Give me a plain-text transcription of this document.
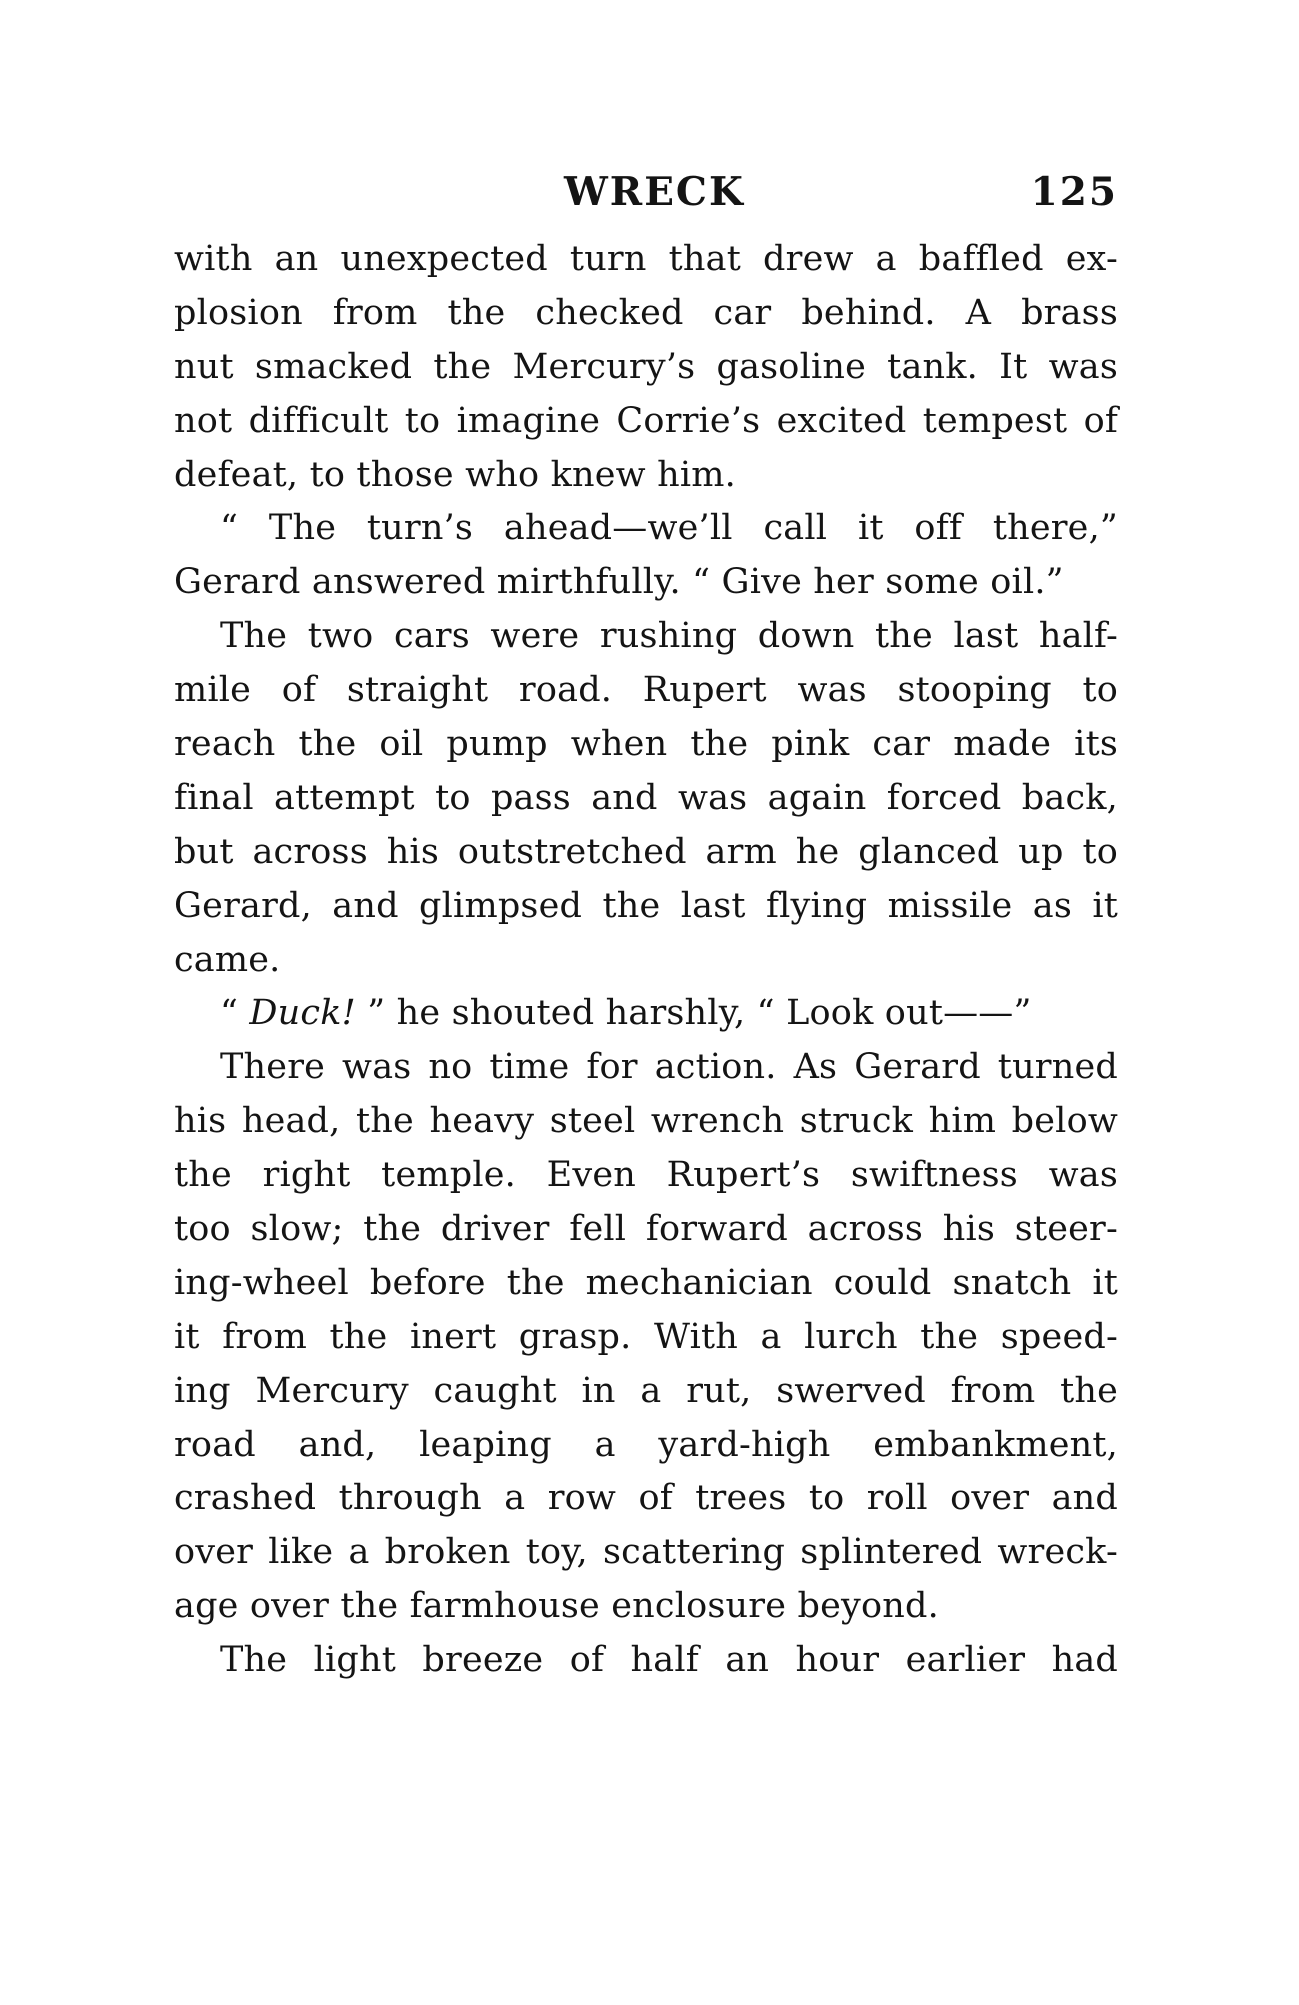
WRECK	125
with an unexpected turn that drew a baffled ex-
plosion from the checked car behind. A brass
nut smacked the Mercury’s gasoline tank. It was
not difficult to imagine Corrie’s excited tempest of
defeat, to those who knew him.
“ The turn’s ahead—we’ll call it off there,”
Gerard answered mirthfully. “ Give her some oil.”
The two cars were rushing down the last half-
mile of straight road. Rupert was stooping to
reach the oil pump when the pink car made its
final attempt to pass and was again forced back,
but across his outstretched arm he glanced up to
Gerard, and glimpsed the last flying missile as it
came.
“ Duck! ” he shouted harshly, “ Look out——”
There was no time for action. As Gerard turned
his head, the heavy steel wrench struck him below
the right temple. Even Rupert’s swiftness was
too slow; the driver fell forward across his steer-
ing-wheel before the mechanician could snatch it
it from the inert grasp. With a lurch the speed-
ing Mercury caught in a rut, swerved from the
road and, leaping a yard-high embankment,
crashed through a row of trees to roll over and
over like a broken toy, scattering splintered wreck-
age over the farmhouse enclosure beyond.
The light breeze of half an hour earlier had
